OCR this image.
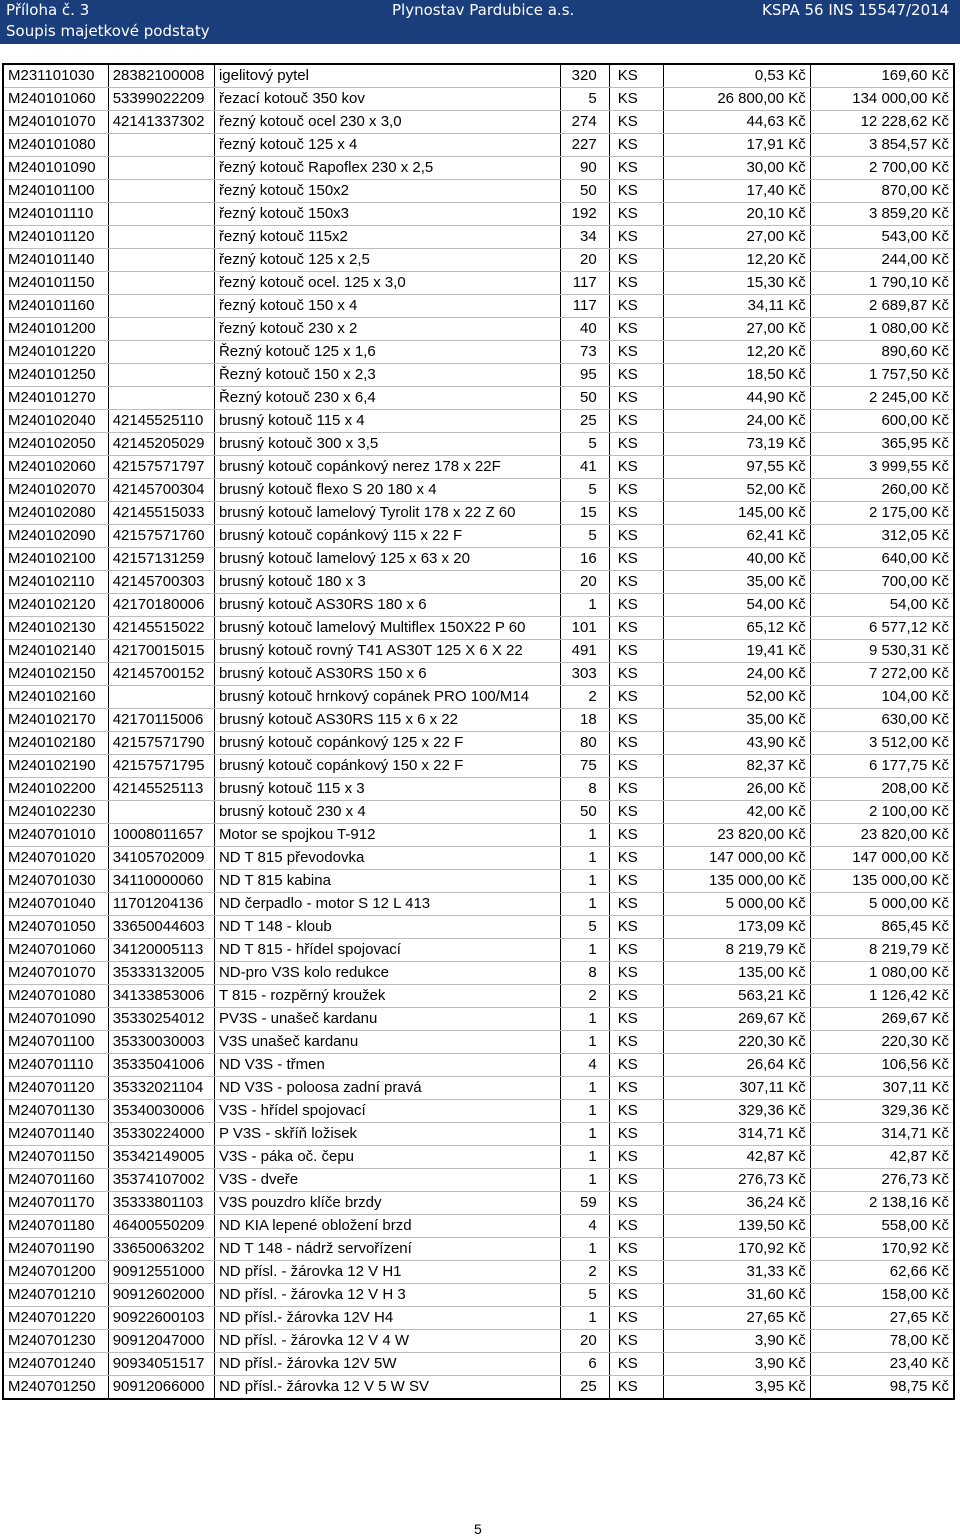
Příloha č. 3
Soupis majetkové podstaty
Plynostav Pardubice a.s.	KSPA 56 INS 15547/2014
M231101030	28382100008	igelitový pytel	320	KS	0,53 Kč	169,60 Kč
M240101060	53399022209	řezací kotouč 350 kov	5	KS	26 800,00 Kč	134 000,00 Kč
M240101070	42141337302	řezný kotouč ocel 230 x 3,0	274	KS	44,63 Kč	12 228,62 Kč
M240101080		řezný kotouč 125 x 4	227	KS	17,91 Kč	3 854,57 Kč
M240101090		řezný kotouč Rapoflex 230 x 2,5	90	KS	30,00 Kč	2 700,00 Kč
M240101100		řezný kotouč 150x2	50	KS	17,40 Kč	870,00 Kč
M240101110		řezný kotouč 150x3	192	KS	20,10 Kč	3 859,20 Kč
M240101120		řezný kotouč 115x2	34	KS	27,00 Kč	543,00 Kč
M240101140		řezný kotouč 125 x 2,5	20	KS	12,20 Kč	244,00 Kč
M240101150		řezný kotouč ocel. 125 x 3,0	117	KS	15,30 Kč	1 790,10 Kč
M240101160		řezný kotouč 150 x 4	117	KS	34,11 Kč	2 689,87 Kč
M240101200		řezný kotouč 230 x 2	40	KS	27,00 Kč	1 080,00 Kč
M240101220		Řezný kotouč 125 x 1,6	73	KS	12,20 Kč	890,60 Kč
M240101250		Řezný kotouč 150 x 2,3	95	KS	18,50 Kč	1 757,50 Kč
M240101270		Řezný kotouč 230 x 6,4	50	KS	44,90 Kč	2 245,00 Kč
M240102040	42145525110	brusný kotouč 115 x 4	25	KS	24,00 Kč	600,00 Kč
M240102050	42145205029	brusný kotouč 300 x 3,5	5	KS	73,19 Kč	365,95 Kč
M240102060	42157571797	brusný kotouč copánkový nerez 178 x 22F	41	KS	97,55 Kč	3 999,55 Kč
M240102070	42145700304	brusný kotouč flexo S 20 180 x 4	5	KS	52,00 Kč	260,00 Kč
M240102080	42145515033	brusný kotouč lamelový Tyrolit 178 x 22 Z 60	15	KS	145,00 Kč	2 175,00 Kč
M240102090	42157571760	brusný kotouč copánkový 115 x 22 F	5	KS	62,41 Kč	312,05 Kč
M240102100	42157131259	brusný kotouč lamelový 125 x 63 x 20	16	KS	40,00 Kč	640,00 Kč
M240102110	42145700303	brusný kotouč 180 x 3	20	KS	35,00 Kč	700,00 Kč
M240102120	42170180006	brusný kotouč AS30RS 180 x 6	1	KS	54,00 Kč	54,00 Kč
M240102130	42145515022	brusný kotouč lamelový Multiflex 150X22 P 60	101	KS	65,12 Kč	6 577,12 Kč
M240102140	42170015015	brusný kotouč rovný T41 AS30T 125 X 6 X 22	491	KS	19,41 Kč	9 530,31 Kč
M240102150	42145700152	brusný kotouč AS30RS 150 x 6	303	KS	24,00 Kč	7 272,00 Kč
M240102160		brusný kotouč hrnkový copánek PRO 100/M14	2	KS	52,00 Kč	104,00 Kč
M240102170	42170115006	brusný kotouč AS30RS 115 x 6 x 22	18	KS	35,00 Kč	630,00 Kč
M240102180	42157571790	brusný kotouč copánkový 125 x 22 F	80	KS	43,90 Kč	3 512,00 Kč
M240102190	42157571795	brusný kotouč copánkový 150 x 22 F	75	KS	82,37 Kč	6 177,75 Kč
M240102200	42145525113	brusný kotouč 115 x 3	8	KS	26,00 Kč	208,00 Kč
M240102230		brusný kotouč 230 x 4	50	KS	42,00 Kč	2 100,00 Kč
M240701010	10008011657	Motor se spojkou T-912	1	KS	23 820,00 Kč	23 820,00 Kč
M240701020	34105702009	ND T 815 převodovka	1	KS	147 000,00 Kč	147 000,00 Kč
M240701030	34110000060	ND T 815 kabina	1	KS	135 000,00 Kč	135 000,00 Kč
M240701040	11701204136	ND čerpadlo - motor S 12 L 413	1	KS	5 000,00 Kč	5 000,00 Kč
M240701050	33650044603	ND T 148 - kloub	5	KS	173,09 Kč	865,45 Kč
M240701060	34120005113	ND T 815 - hřídel spojovací	1	KS	8 219,79 Kč	8 219,79 Kč
M240701070	35333132005	ND-pro V3S kolo redukce	8	KS	135,00 Kč	1 080,00 Kč
M240701080	34133853006	T 815 - rozpěrný kroužek	2	KS	563,21 Kč	1 126,42 Kč
M240701090	35330254012	PV3S - unašeč kardanu	1	KS	269,67 Kč	269,67 Kč
M240701100	35330030003	V3S unašeč kardanu	1	KS	220,30 Kč	220,30 Kč
M240701110	35335041006	ND V3S - třmen	4	KS	26,64 Kč	106,56 Kč
M240701120	35332021104	ND V3S - poloosa zadní pravá	1	KS	307,11 Kč	307,11 Kč
M240701130	35340030006	V3S - hřídel spojovací	1	KS	329,36 Kč	329,36 Kč
M240701140	35330224000	P V3S - skříň ložisek	1	KS	314,71 Kč	314,71 Kč
M240701150	35342149005	V3S - páka oč. čepu	1	KS	42,87 Kč	42,87 Kč
M240701160	35374107002	V3S - dveře	1	KS	276,73 Kč	276,73 Kč
M240701170	35333801103	V3S pouzdro klíče brzdy	59	KS	36,24 Kč	2 138,16 Kč
M240701180	46400550209	ND KIA lepené obložení brzd	4	KS	139,50 Kč	558,00 Kč
M240701190	33650063202	ND T 148 - nádrž servořízení	1	KS	170,92 Kč	170,92 Kč
M240701200	90912551000	ND přísl. - žárovka 12 V H1	2	KS	31,33 Kč	62,66 Kč
M240701210	90912602000	ND přísl. - žárovka 12 V H 3	5	KS	31,60 Kč	158,00 Kč
M240701220	90922600103	ND přísl.- žárovka 12V H4	1	KS	27,65 Kč	27,65 Kč
M240701230	90912047000	ND přísl. - žárovka 12 V 4 W	20	KS	3,90 Kč	78,00 Kč
M240701240	90934051517	ND přísl.- žárovka 12V 5W	6	KS	3,90 Kč	23,40 Kč
M240701250	90912066000	ND přísl.- žárovka 12 V 5 W SV	25	KS	3,95 Kč	98,75 Kč
5
